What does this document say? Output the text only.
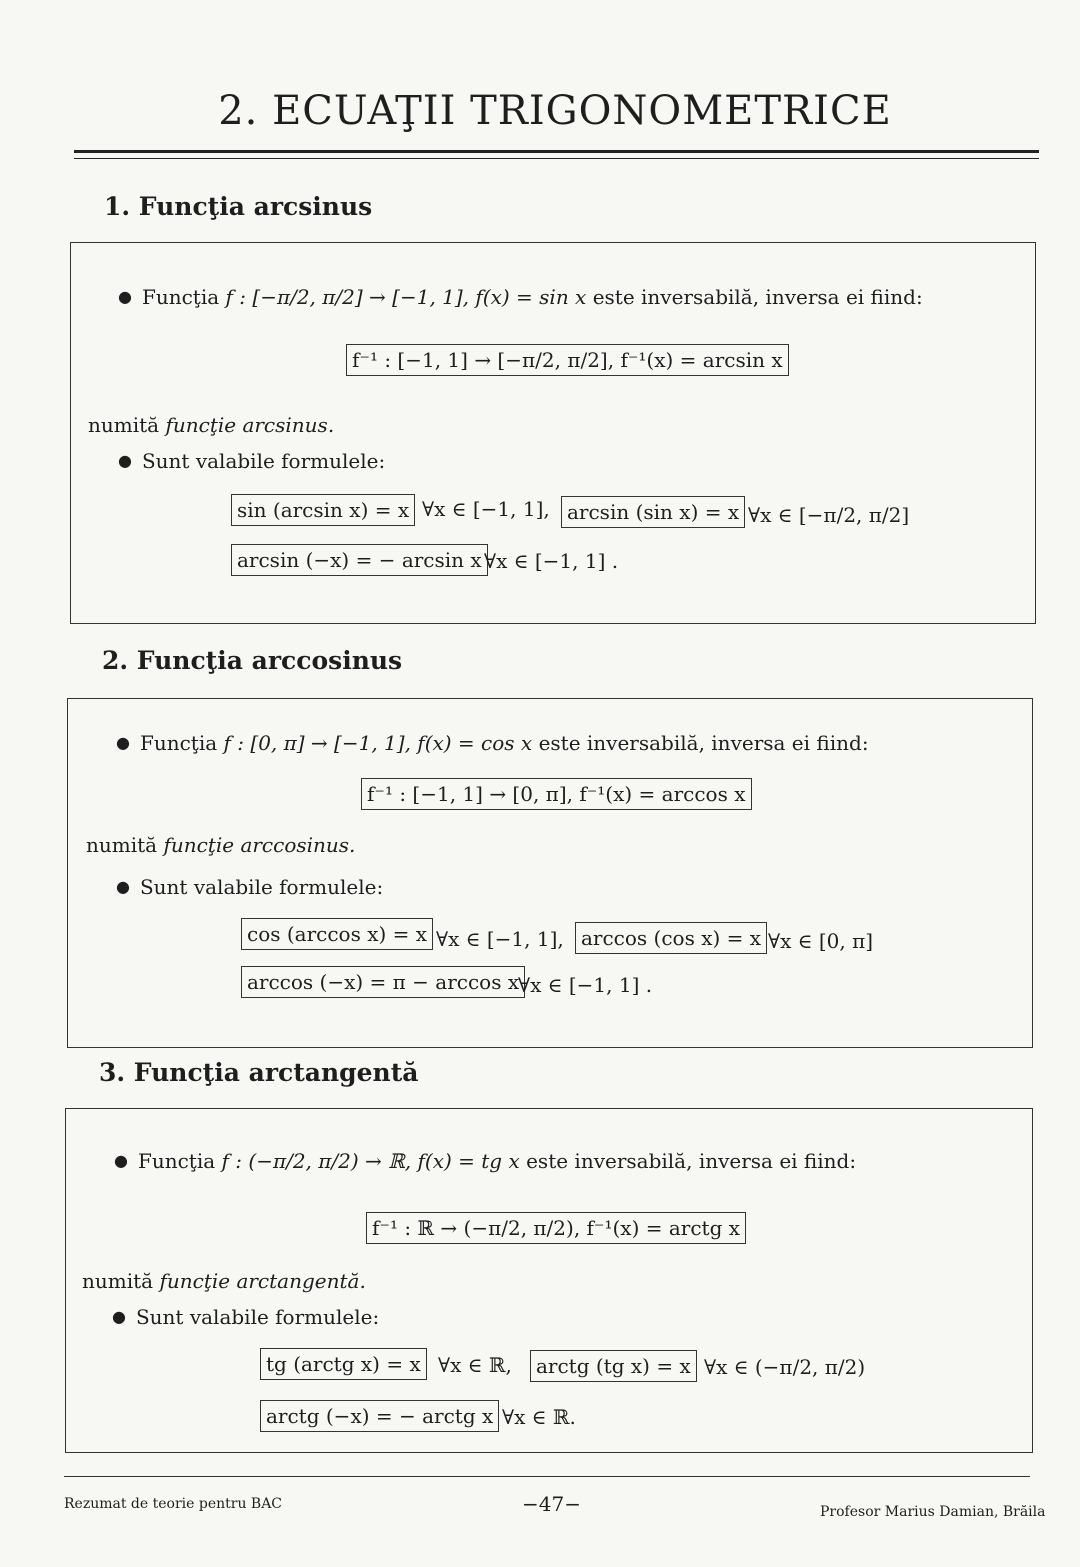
2. ECUAŢII TRIGONOMETRICE
1. Funcţia arcsinus
● Funcţia f : [−π/2, π/2] → [−1, 1], f(x) = sin x este inversabilă, inversa ei fiind:
f⁻¹ : [−1, 1] → [−π/2, π/2], f⁻¹(x) = arcsin x
numită funcţie arcsinus.
● Sunt valabile formulele:
sin (arcsin x) = x ∀x ∈ [−1, 1], arcsin (sin x) = x ∀x ∈ [−π/2, π/2]
arcsin (−x) = − arcsin x ∀x ∈ [−1, 1] .
2. Funcţia arccosinus
● Funcţia f : [0, π] → [−1, 1], f(x) = cos x este inversabilă, inversa ei fiind:
f⁻¹ : [−1, 1] → [0, π], f⁻¹(x) = arccos x
numită funcţie arccosinus.
● Sunt valabile formulele:
cos (arccos x) = x ∀x ∈ [−1, 1], arccos (cos x) = x ∀x ∈ [0, π]
arccos (−x) = π − arccos x
∀x ∈ [−1, 1] .
3. Funcţia arctangentă
● Funcţia f : (−π/2, π/2) → ℝ, f(x) = tg x este inversabilă, inversa ei fiind:
f⁻¹ : ℝ → (−π/2, π/2), f⁻¹(x) = arctg x
numită funcţie arctangentă.
● Sunt valabile formulele:
tg (arctg x) = x ∀x ∈ ℝ,	arctg (tg x) = x ∀x ∈ (−π/2, π/2)
arctg (−x) = − arctg x ∀x ∈ ℝ.
Rezumat de teorie pentru BAC	−47−	Profesor Marius Damian, Brăila
